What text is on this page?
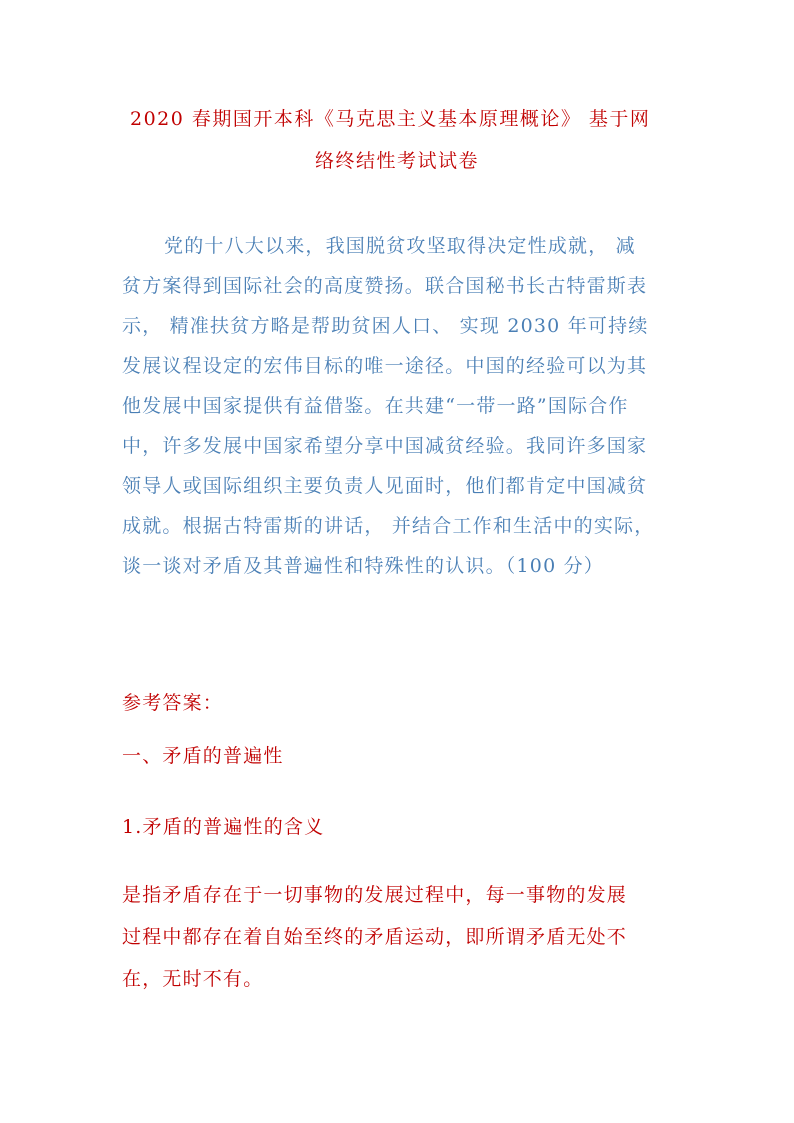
2020 春期国开本科《马克思主义基本原理概论》 基于网
络终结性考试试卷
党的十八大以来，我国脱贫攻坚取得决定性成就， 减
贫方案得到国际社会的高度赞扬。联合国秘书长古特雷斯表
示， 精准扶贫方略是帮助贫困人口、 实现 2030 年可持续
发展议程设定的宏伟目标的唯一途径。中国的经验可以为其
他发展中国家提供有益借鉴。在共建“一带一路”国际合作
中，许多发展中国家希望分享中国减贫经验。我同许多国家
领导人或国际组织主要负责人见面时，他们都肯定中国减贫
成就。根据古特雷斯的讲话， 并结合工作和生活中的实际，
谈一谈对矛盾及其普遍性和特殊性的认识。（100 分）
参考答案：
一、矛盾的普遍性
1.矛盾的普遍性的含义
是指矛盾存在于一切事物的发展过程中，每一事物的发展
过程中都存在着自始至终的矛盾运动，即所谓矛盾无处不
在，无时不有。
